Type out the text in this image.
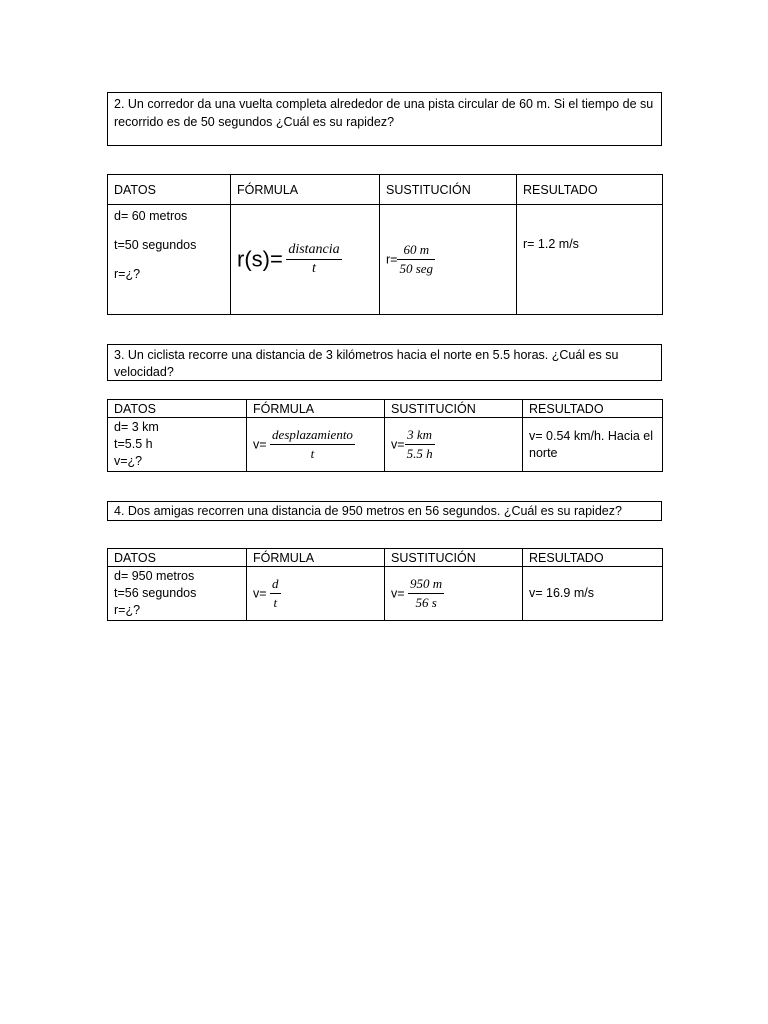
2. Un corredor da una vuelta completa alrededor de una pista circular de 60 m. Si el tiempo de su recorrido es de 50 segundos ¿Cuál es su rapidez?
DATOS	FÓRMULA	SUSTITUCIÓN	RESULTADO

d= 60 metros
t=50 segundos
r=¿?	$r(s)= \frac{\text{distancia}}{t}$	$r= \frac{60 m}{\text{50 seg}}$	r= 1.2 m/s
3. Un ciclista recorre una distancia de 3 kilómetros hacia el norte en 5.5 horas. ¿Cuál es su velocidad?
DATOS	FÓRMULA	SUSTITUCIÓN	RESULTADO

d= 3 km
t=5.5 h
v=¿?	$v= \frac{\text{desplazamiento}}{t}$	$v= \frac{3 km}{5.5 h}$	v= 0.54 km/h. Hacia el norte
4. Dos amigas recorren una distancia de 950 metros en 56 segundos. ¿Cuál es su rapidez?
DATOS	FÓRMULA	SUSTITUCIÓN	RESULTADO

d= 950 metros
t=56 segundos
r=¿?	$v= \frac{d}{t}$	$v= \frac{950 m}{56 s}$	v= 16.9 m/s
